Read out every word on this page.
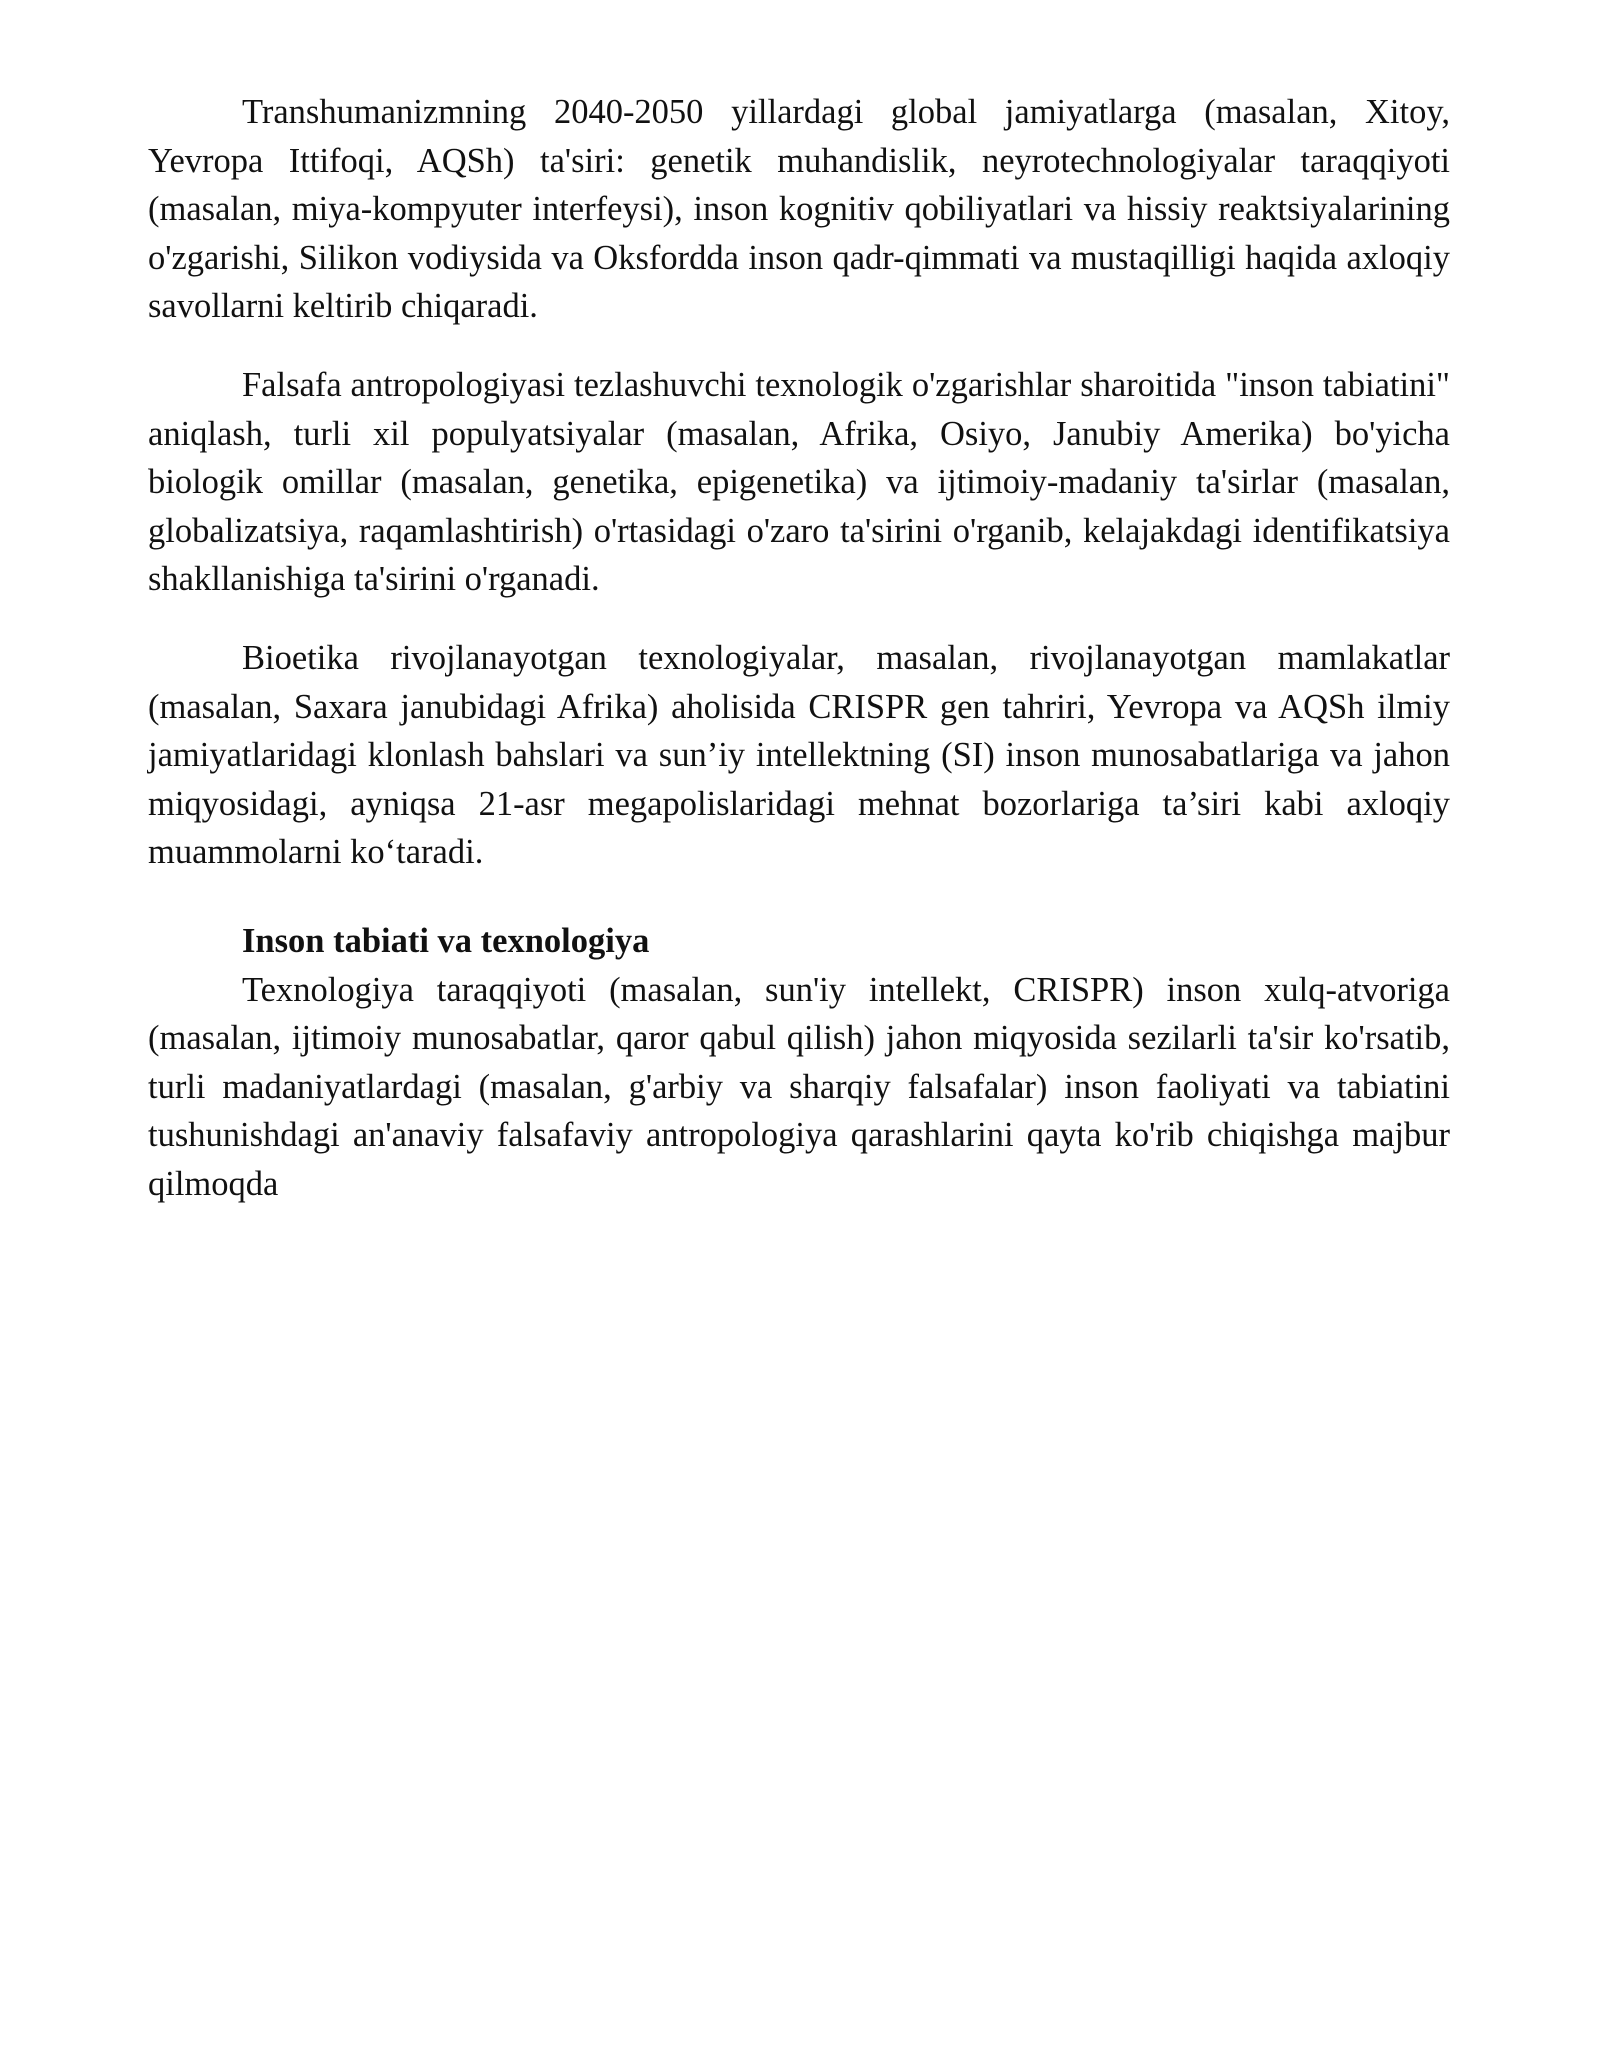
Transhumanizmning 2040-2050 yillardagi global jamiyatlarga (masalan, Xitoy, Yevropa Ittifoqi, AQSh) ta'siri: genetik muhandislik, neyrotechnologiyalar taraqqiyoti (masalan, miya-kompyuter interfeysi), inson kognitiv qobiliyatlari va hissiy reaktsiyalarining o'zgarishi, Silikon vodiysida va Oksfordda inson qadr-qimmati va mustaqilligi haqida axloqiy savollarni keltirib chiqaradi.

Falsafa antropologiyasi tezlashuvchi texnologik o'zgarishlar sharoitida "inson tabiatini" aniqlash, turli xil populyatsiyalar (masalan, Afrika, Osiyo, Janubiy Amerika) bo'yicha biologik omillar (masalan, genetika, epigenetika) va ijtimoiy-madaniy ta'sirlar (masalan, globalizatsiya, raqamlashtirish) o'rtasidagi o'zaro ta'sirini o'rganib, kelajakdagi identifikatsiya shakllanishiga ta'sirini o'rganadi.

Bioetika rivojlanayotgan texnologiyalar, masalan, rivojlanayotgan mamlakatlar (masalan, Saxara janubidagi Afrika) aholisida CRISPR gen tahriri, Yevropa va AQSh ilmiy jamiyatlaridagi klonlash bahslari va sun’iy intellektning (SI) inson munosabatlariga va jahon miqyosidagi, ayniqsa 21-asr megapolislaridagi mehnat bozorlariga ta’siri kabi axloqiy muammolarni ko‘taradi.

Inson tabiati va texnologiya

Texnologiya taraqqiyoti (masalan, sun'iy intellekt, CRISPR) inson xulq-atvoriga (masalan, ijtimoiy munosabatlar, qaror qabul qilish) jahon miqyosida sezilarli ta'sir ko'rsatib, turli madaniyatlardagi (masalan, g'arbiy va sharqiy falsafalar) inson faoliyati va tabiatini tushunishdagi an'anaviy falsafaviy antropologiya qarashlarini qayta ko'rib chiqishga majbur qilmoqda
